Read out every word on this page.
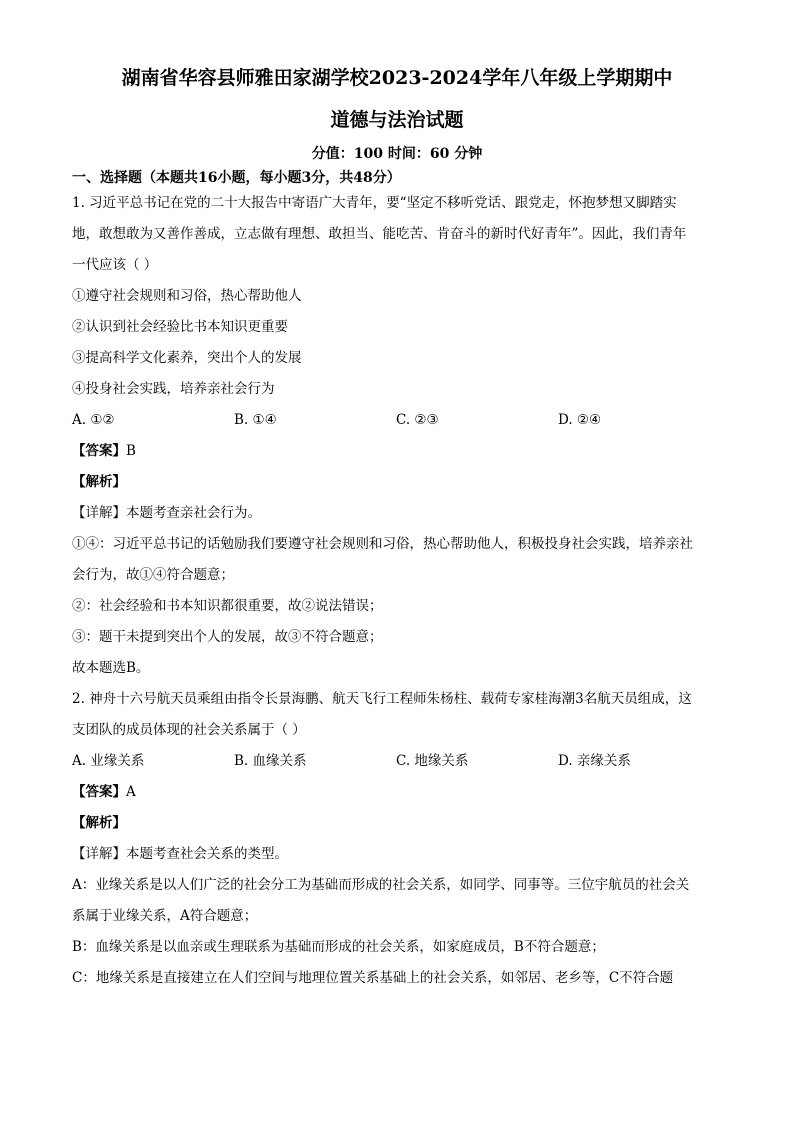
湖南省华容县师雅田家湖学校2023-2024学年八年级上学期期中
道德与法治试题
分值：100 时间：60 分钟
一、选择题（本题共16小题，每小题3分，共48分）

1. 习近平总书记在党的二十大报告中寄语广大青年，要“坚定不移听党话、跟党走，怀抱梦想又脚踏实

地，敢想敢为又善作善成，立志做有理想、敢担当、能吃苦、肯奋斗的新时代好青年”。因此，我们青年

一代应该（ ）

①遵守社会规则和习俗，热心帮助他人

②认识到社会经验比书本知识更重要

③提高科学文化素养，突出个人的发展

④投身社会实践，培养亲社会行为

A. ①②	B. ①④	C. ②③	D. ②④

【答案】B

【解析】

【详解】本题考查亲社会行为。

①④：习近平总书记的话勉励我们要遵守社会规则和习俗，热心帮助他人，积极投身社会实践，培养亲社

会行为，故①④符合题意；

②：社会经验和书本知识都很重要，故②说法错误；

③：题干未提到突出个人的发展，故③不符合题意；

故本题选B。

2. 神舟十六号航天员乘组由指令长景海鹏、航天飞行工程师朱杨柱、载荷专家桂海潮3名航天员组成，这

支团队的成员体现的社会关系属于（ ）

A. 业缘关系	B. 血缘关系	C. 地缘关系	D. 亲缘关系

【答案】A

【解析】

【详解】本题考查社会关系的类型。

A：业缘关系是以人们广泛的社会分工为基础而形成的社会关系，如同学、同事等。三位宇航员的社会关

系属于业缘关系，A符合题意；

B：血缘关系是以血亲或生理联系为基础而形成的社会关系，如家庭成员，B不符合题意；

C：地缘关系是直接建立在人们空间与地理位置关系基础上的社会关系，如邻居、老乡等，C不符合题
